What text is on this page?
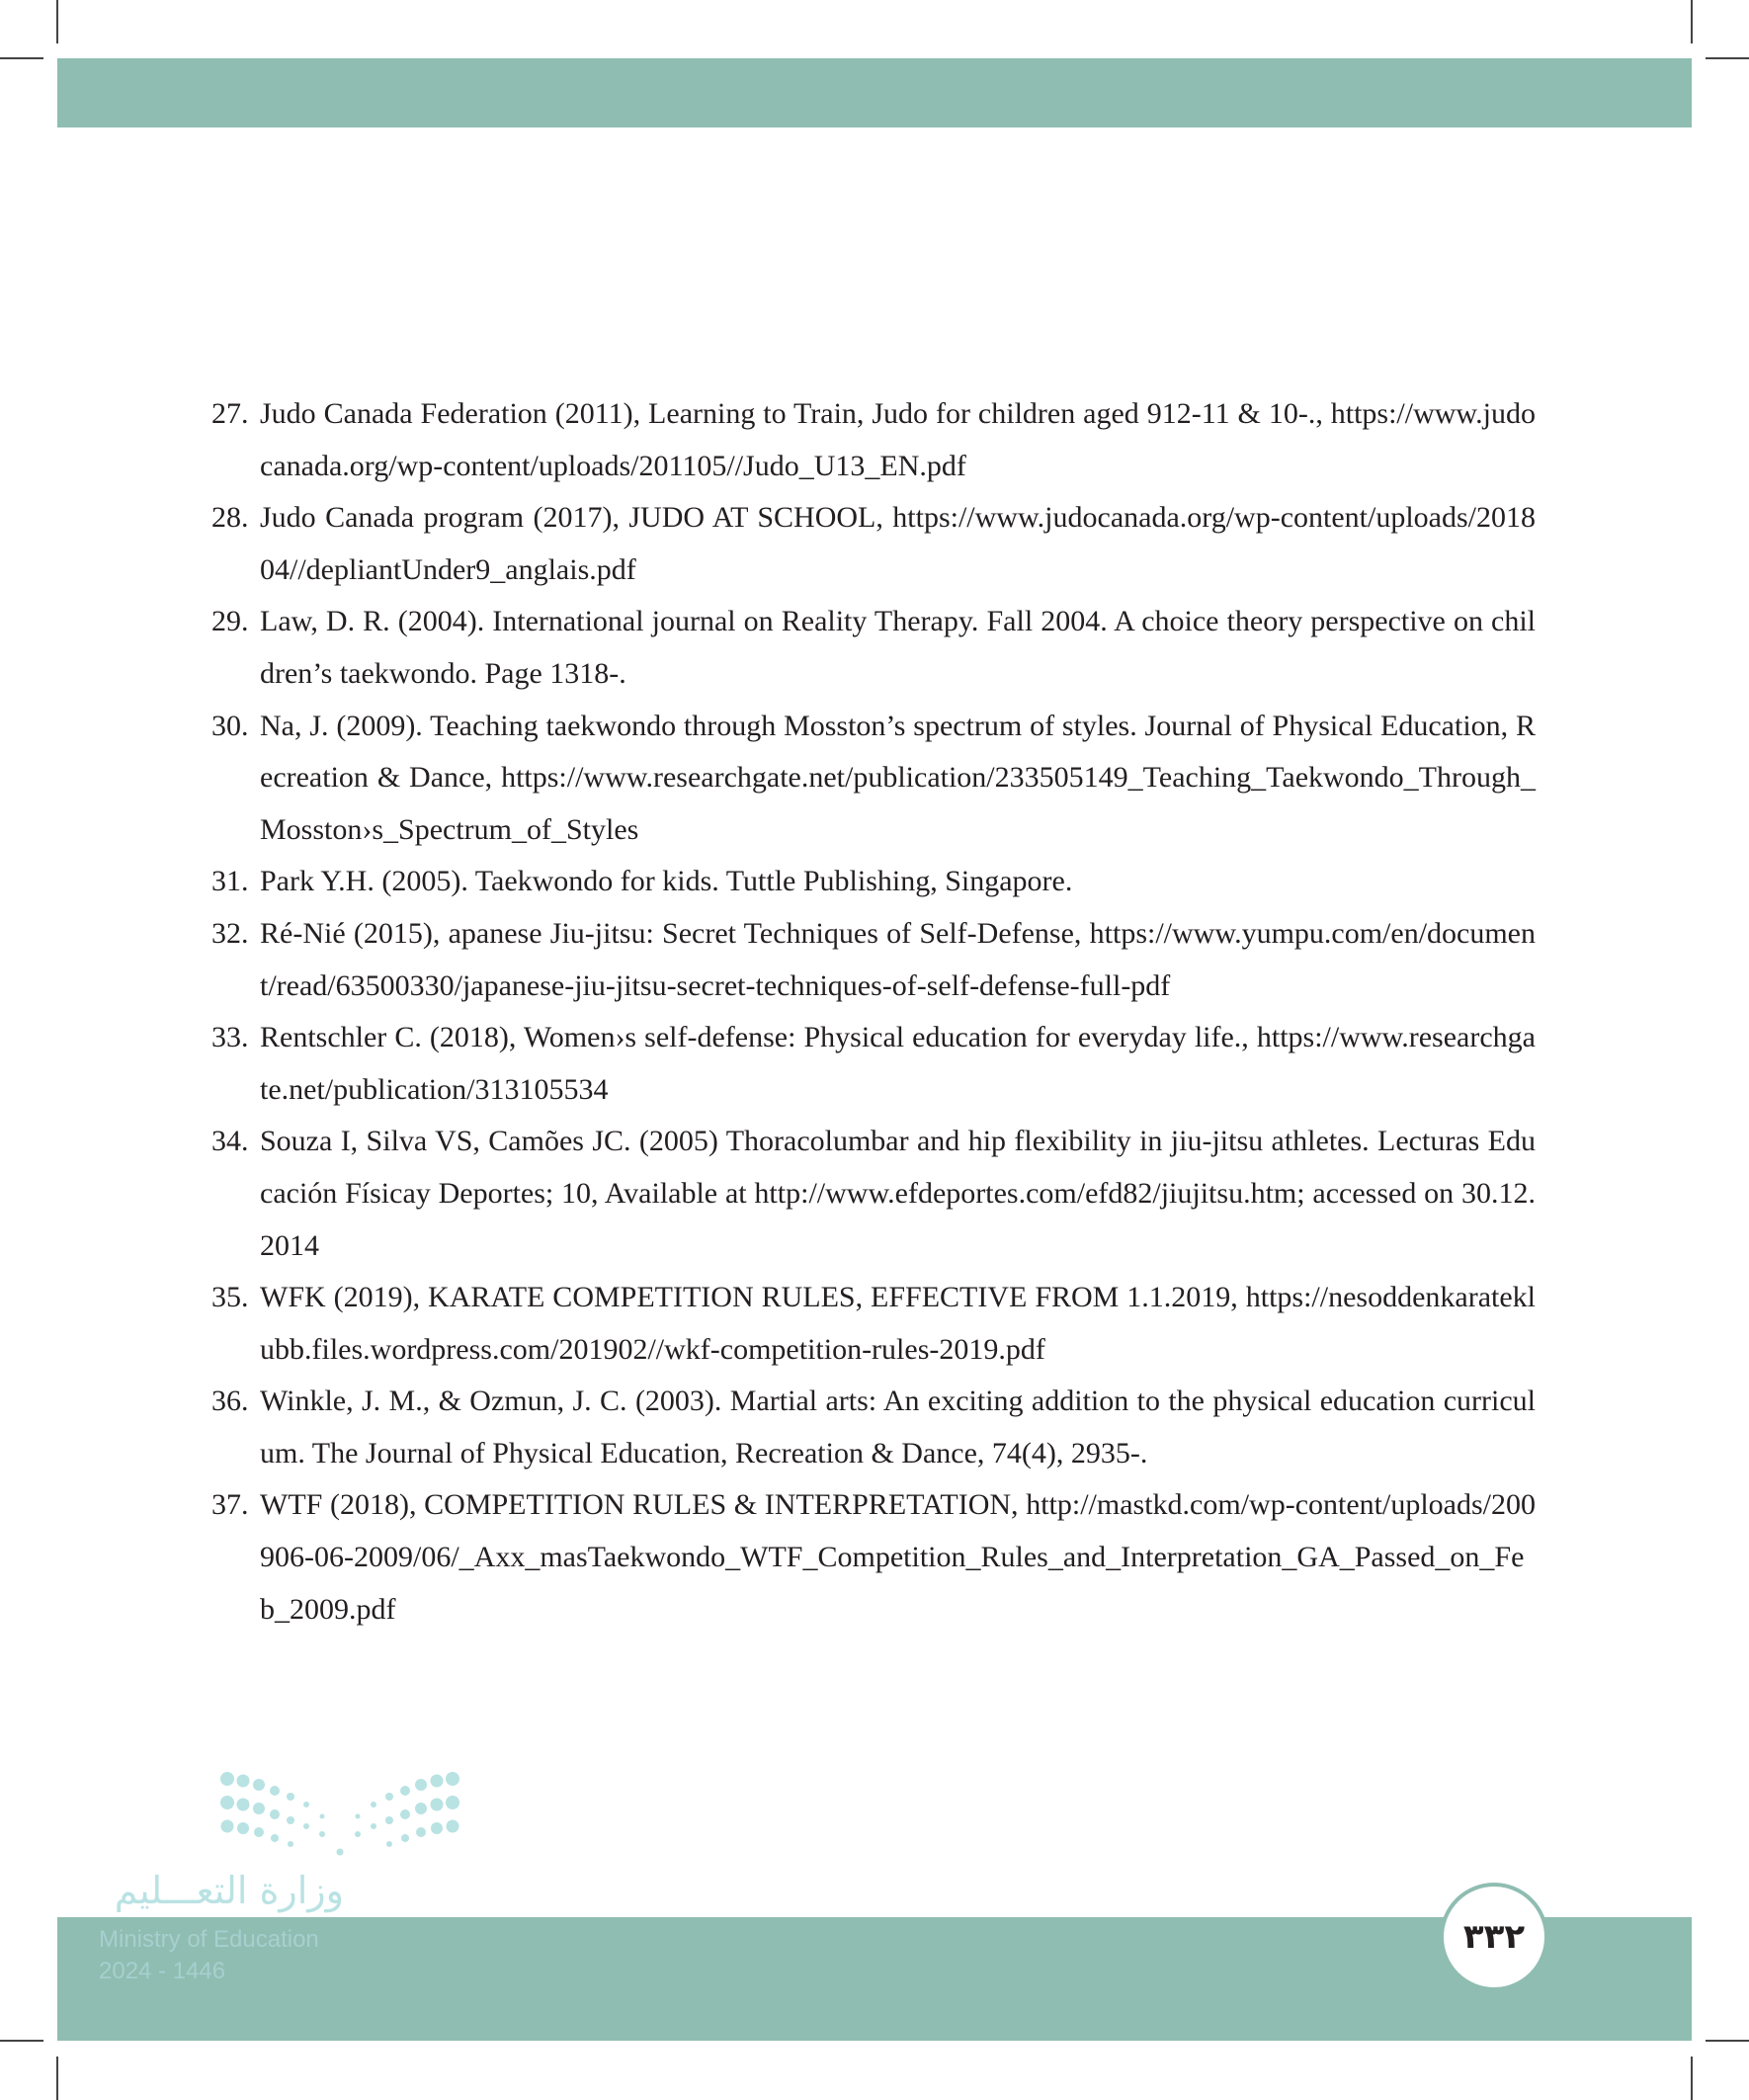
27. Judo Canada Federation (2011), Learning to Train, Judo for children aged 912-11 & 10-., https://www.judocanada.org/wp-content/uploads/201105//Judo_U13_EN.pdf
28. Judo Canada program (2017), JUDO AT SCHOOL, https://www.judocanada.org/wp-content/uploads/201804//depliantUnder9_anglais.pdf
29. Law, D. R. (2004). International journal on Reality Therapy. Fall 2004. A choice theory perspective on children’s taekwondo. Page 1318-.
30. Na, J. (2009). Teaching taekwondo through Mosston’s spectrum of styles. Journal of Physical Education, Recreation & Dance, https://www.researchgate.net/publication/233505149_Teaching_Taekwondo_Through_Mosston›s_Spectrum_of_Styles
31. Park Y.H. (2005). Taekwondo for kids. Tuttle Publishing, Singapore.
32. Ré-Nié (2015), apanese Jiu-jitsu: Secret Techniques of Self-Defense, https://www.yumpu.com/en/document/read/63500330/japanese-jiu-jitsu-secret-techniques-of-self-defense-full-pdf
33. Rentschler C. (2018), Women›s self-defense: Physical education for everyday life., https://www.researchgate.net/publication/313105534
34. Souza I, Silva VS, Camões JC. (2005) Thoracolumbar and hip flexibility in jiu-jitsu athletes. Lecturas Educación Físicay Deportes; 10, Available at http://www.efdeportes.com/efd82/jiujitsu.htm; accessed on 30.12.2014
35. WFK (2019), KARATE COMPETITION RULES, EFFECTIVE FROM 1.1.2019, https://nesoddenkarateklubb.files.wordpress.com/201902//wkf-competition-rules-2019.pdf
36. Winkle, J. M., & Ozmun, J. C. (2003). Martial arts: An exciting addition to the physical education curriculum. The Journal of Physical Education, Recreation & Dance, 74(4), 2935-.
37. WTF (2018), COMPETITION RULES & INTERPRETATION, http://mastkd.com/wp-content/uploads/200906-06-2009/06/_Axx_masTaekwondo_WTF_Competition_Rules_and_Interpretation_GA_Passed_on_Feb_2009.pdf
وزارة التعـــليم
Ministry of Education
2024 - 1446
٣٣٢
